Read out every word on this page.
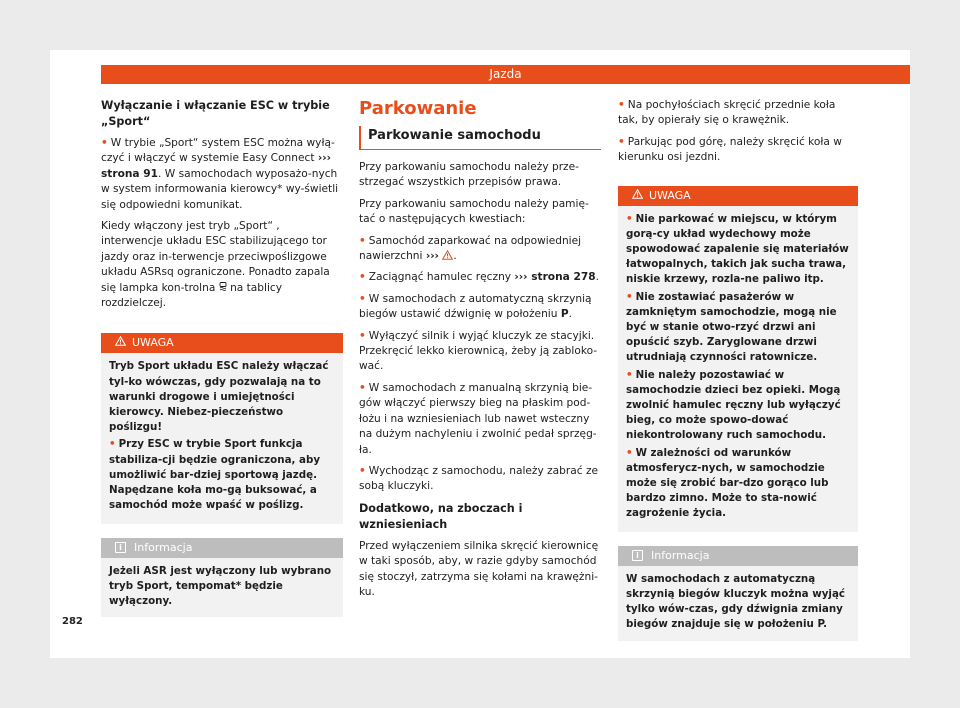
Jazda
Wyłączanie i włączanie ESC w trybie „Sport“

• W trybie „Sport“ system ESC można wyłą-czyć i włączyć w systemie Easy Connect ››› strona 91. W samochodach wyposażo-nych w system informowania kierowcy* wy-świetli się odpowiedni komunikat.

Kiedy włączony jest tryb „Sport“ , interwencje układu ESC stabilizującego tor jazdy oraz in-terwencje przeciwpoślizgowe układu ASRsq ograniczone. Ponadto zapala się lampka kon-trolna na tablicy rozdzielczej.

UWAGA

Tryb Sport układu ESC należy włączać tyl-ko wówczas, gdy pozwalają na to warunki drogowe i umiejętności kierowcy. Niebez-pieczeństwo poślizgu!

• Przy ESC w trybie Sport funkcja stabiliza-cji będzie ograniczona, aby umożliwić bar-dziej sportową jazdę. Napędzane koła mo-gą buksować, a samochód może wpaść w poślizg.

i	Informacja
Jeżeli ASR jest wyłączony lub wybrano tryb Sport, tempomat* będzie wyłączony.
Parkowanie
Parkowanie samochodu

Przy parkowaniu samochodu należy prze-strzegać wszystkich przepisów prawa.

Przy parkowaniu samochodu należy pamię-tać o następujących kwestiach:

• Samochód zaparkować na odpowiedniej nawierzchni ››› .

• Zaciągnąć hamulec ręczny ››› strona 278.

• W samochodach z automatyczną skrzynią biegów ustawić dźwignię w położeniu P.

• Wyłączyć silnik i wyjąć kluczyk ze stacyjki. Przekręcić lekko kierownicą, żeby ją zabloko-wać.

• W samochodach z manualną skrzynią bie-gów włączyć pierwszy bieg na płaskim pod-łożu i na wzniesieniach lub nawet wsteczny na dużym nachyleniu i zwolnić pedał sprzęg-ła.

• Wychodząc z samochodu, należy zabrać ze sobą kluczyki.

Dodatkowo, na zboczach i wzniesieniach

Przed wyłączeniem silnika skręcić kierownicę w taki sposób, aby, w razie gdyby samochód się stoczył, zatrzyma się kołami na krawężni-ku.

• Na pochyłościach skręcić przednie koła tak, by opierały się o krawężnik.

• Parkując pod górę, należy skręcić koła w kierunku osi jezdni.

UWAGA

• Nie parkować w miejscu, w którym gorą-cy układ wydechowy może spowodować zapalenie się materiałów łatwopalnych, takich jak sucha trawa, niskie krzewy, rozla-ne paliwo itp.

• Nie zostawiać pasażerów w zamkniętym samochodzie, mogą nie być w stanie otwo-rzyć drzwi ani opuścić szyb. Zaryglowane drzwi utrudniają czynności ratownicze.

• Nie należy pozostawiać w samochodzie dzieci bez opieki. Mogą zwolnić hamulec ręczny lub wyłączyć bieg, co może spowo-dować niekontrolowany ruch samochodu.

• W zależności od warunków atmosferycz-nych, w samochodzie może się zrobić bar-dzo gorąco lub bardzo zimno. Może to sta-nowić zagrożenie życia.

i	Informacja
W samochodach z automatyczną skrzynią biegów kluczyk można wyjąć tylko wów-czas, gdy dźwignia zmiany biegów znajduje się w położeniu P.
282
